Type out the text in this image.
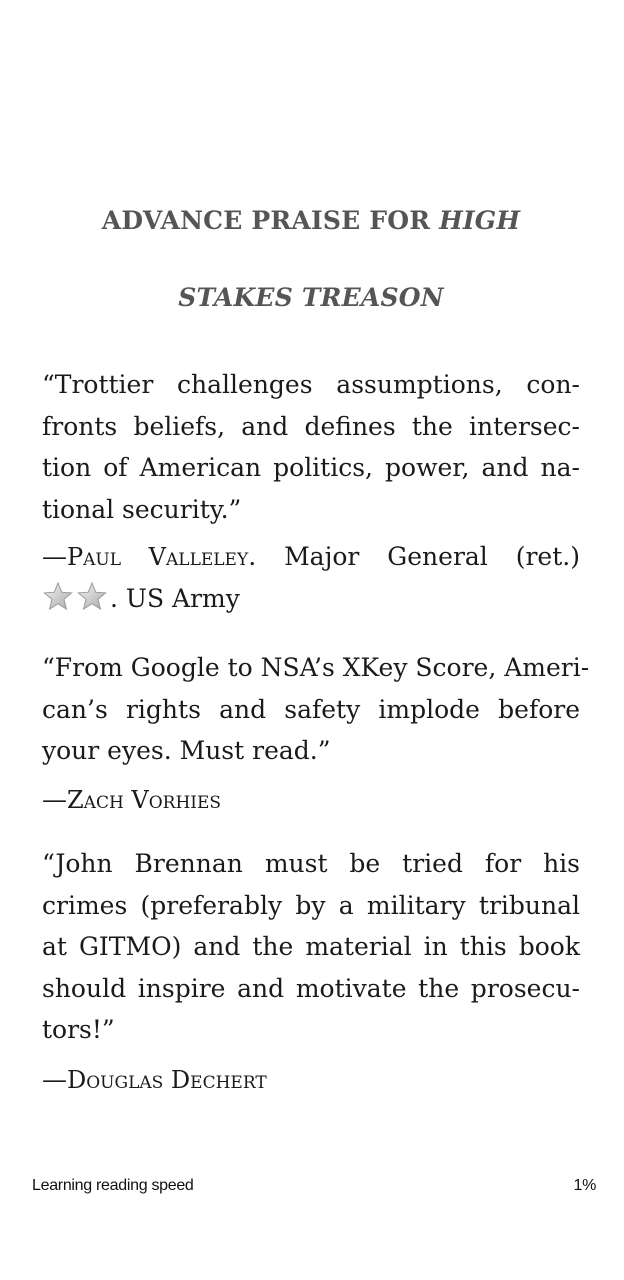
ADVANCE PRAISE FOR HIGH
STAKES TREASON

“Trottier challenges assumptions, con-
fronts beliefs, and defines the intersec-
tion of American politics, power, and na-
tional security.”

—Paul Valleley. Major General (ret.)
. US Army

“From Google to NSA’s XKey Score, Ameri-
can’s rights and safety implode before
your eyes. Must read.”

—Zach Vorhies

“John Brennan must be tried for his
crimes (preferably by a military tribunal
at GITMO) and the material in this book
should inspire and motivate the prosecu-
tors!”

—Douglas Dechert

Learning reading speed	1%
